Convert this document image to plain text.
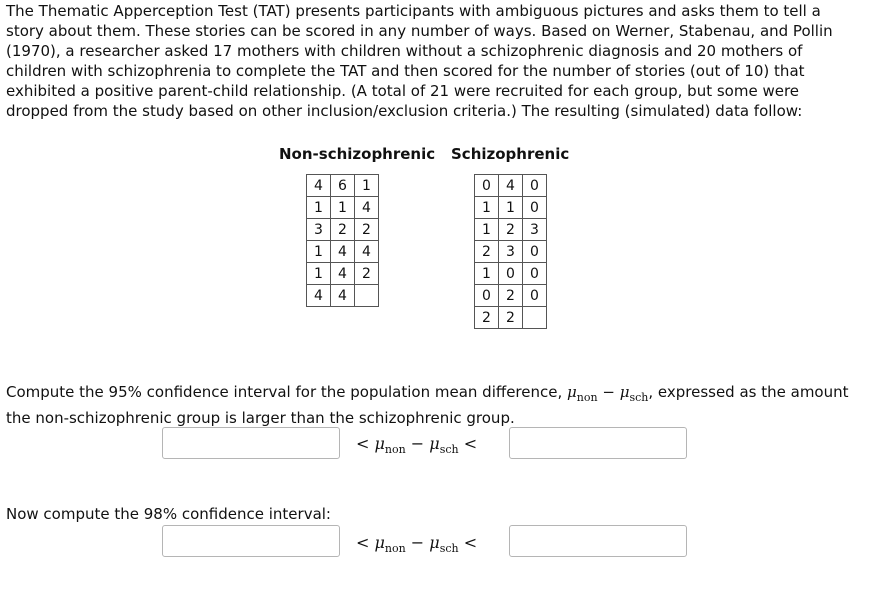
The Thematic Apperception Test (TAT) presents participants with ambiguous pictures and asks them to tell a story about them. These stories can be scored in any number of ways. Based on Werner, Stabenau, and Pollin (1970), a researcher asked 17 mothers with children without a schizophrenic diagnosis and 20 mothers of children with schizophrenia to complete the TAT and then scored for the number of stories (out of 10) that exhibited a positive parent-child relationship. (A total of 21 were recruited for each group, but some were dropped from the study based on other inclusion/exclusion criteria.) The resulting (simulated) data follow:

Non-schizophrenic Schizophrenic
4	6	1
1	1	4
3	2	2
1	4	4
1	4	2
4	4	
0	4	0
1	1	0
1	2	3
2	3	0
1	0	0
0	2	0
2	2	

Compute the 95% confidence interval for the population mean difference, $\mu_{non} - \mu_{sch}$, expressed as the amount the non-schizophrenic group is larger than the schizophrenic group.

< $\mu_{non} - \mu_{sch}$ <

Now compute the 98% confidence interval:

< $\mu_{non} - \mu_{sch}$ <
